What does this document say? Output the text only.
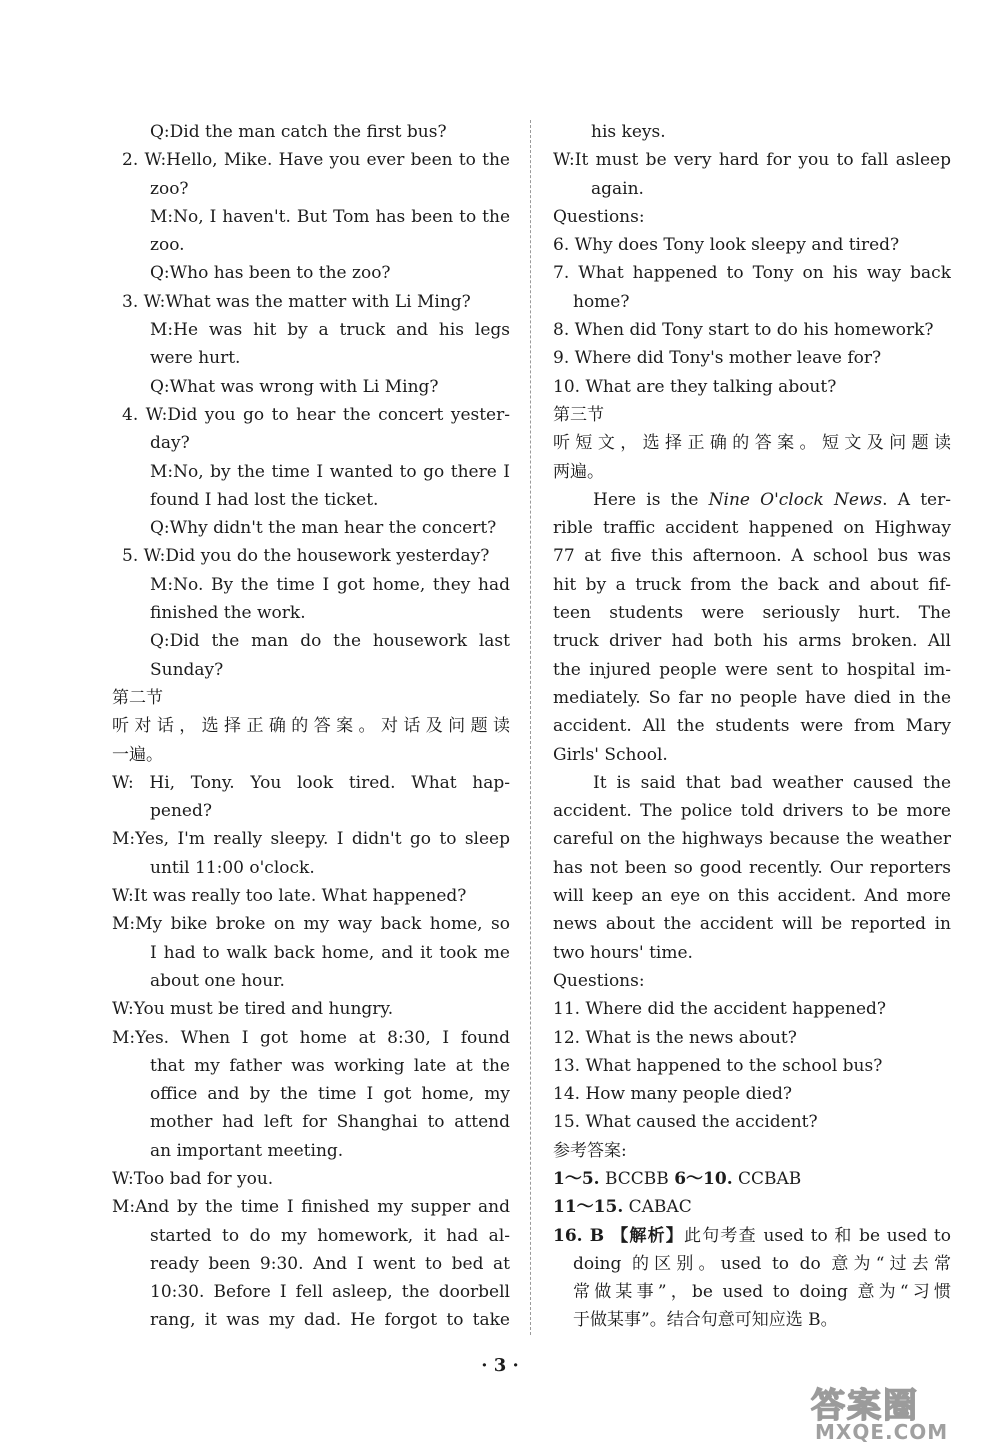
Q:Did the man catch the first bus?
2. W:Hello, Mike. Have you ever been to the
zoo?
M:No, I haven't. But Tom has been to the
zoo.
Q:Who has been to the zoo?
3. W:What was the matter with Li Ming?
M:He was hit by a truck and his legs
were hurt.
Q:What was wrong with Li Ming?
4. W:Did you go to hear the concert yester-
day?
M:No, by the time I wanted to go there I
found I had lost the ticket.
Q:Why didn't the man hear the concert?
5. W:Did you do the housework yesterday?
M:No. By the time I got home, they had
finished the work.
Q:Did the man do the housework last
Sunday?
第二节
听对话，选择正确的答案。对话及问题读
一遍。
W: Hi, Tony. You look tired. What hap-
pened?
M:Yes, I'm really sleepy. I didn't go to sleep
until 11:00 o'clock.
W:It was really too late. What happened?
M:My bike broke on my way back home, so
I had to walk back home, and it took me
about one hour.
W:You must be tired and hungry.
M:Yes. When I got home at 8:30, I found
that my father was working late at the
office and by the time I got home, my
mother had left for Shanghai to attend
an important meeting.
W:Too bad for you.
M:And by the time I finished my supper and
started to do my homework, it had al-
ready been 9:30. And I went to bed at
10:30. Before I fell asleep, the doorbell
rang, it was my dad. He forgot to take
his keys.
W:It must be very hard for you to fall asleep
again.
Questions:
6. Why does Tony look sleepy and tired?
7. What happened to Tony on his way back
home?
8. When did Tony start to do his homework?
9. Where did Tony's mother leave for?
10. What are they talking about?
第三节
听短文，选择正确的答案。短文及问题读
两遍。
Here is the Nine O'clock News. A ter-
rible traffic accident happened on Highway
77 at five this afternoon. A school bus was
hit by a truck from the back and about fif-
teen students were seriously hurt. The
truck driver had both his arms broken. All
the injured people were sent to hospital im-
mediately. So far no people have died in the
accident. All the students were from Mary
Girls' School.
It is said that bad weather caused the
accident. The police told drivers to be more
careful on the highways because the weather
has not been so good recently. Our reporters
will keep an eye on this accident. And more
news about the accident will be reported in
two hours' time.
Questions:
11. Where did the accident happened?
12. What is the news about?
13. What happened to the school bus?
14. How many people died?
15. What caused the accident?
参考答案:
1～5. BCCBB 6～10. CCBAB
11～15. CABAC
16. B 【解析】此句考查 used to 和 be used to
doing 的区别。used to do 意为“过去常
常做某事”，be used to doing 意为“习惯
于做某事”。结合句意可知应选 B。
· 3 ·
答案圈
MXQE.COM
